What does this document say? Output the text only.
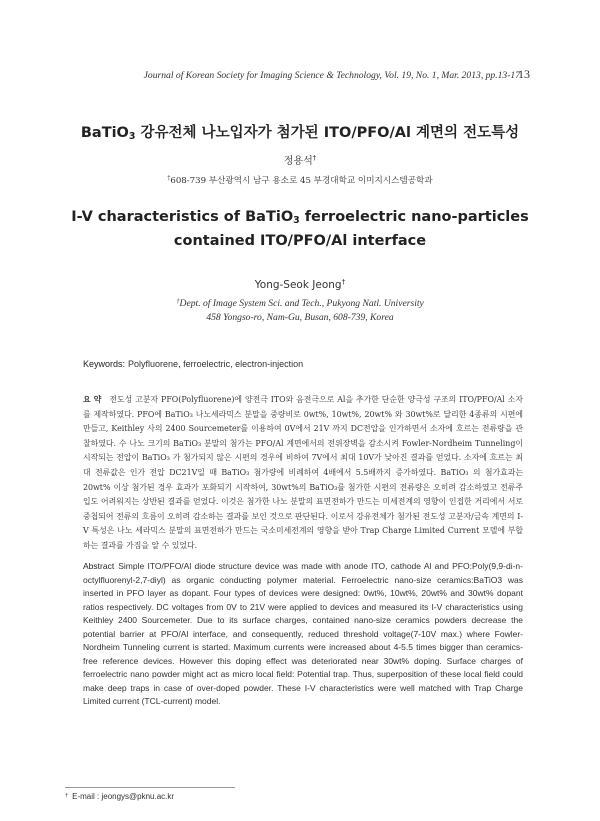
Journal of Korean Society for Imaging Science & Technology, Vol. 19, No. 1, Mar. 2013, pp.13-17
13
BaTiO$_3$ 강유전체 나노입자가 첨가된 ITO/PFO/Al 계면의 전도특성
정용석†
†608-739 부산광역시 남구 용소로 45 부경대학교 이미지시스템공학과
I-V characteristics of BaTiO$_3$ ferroelectric nano-particles
contained ITO/PFO/Al interface
Yong-Seok Jeong†
†Dept. of Image System Sci. and Tech., Pukyong Natl. University
458 Yongso-ro, Nam-Gu, Busan, 608-739, Korea
Keywords: Polyfluorene, ferroelectric, electron-injection
요 약 전도성 고분자 PFO(Polyfluorene)에 양전극 ITO와 음전극으로 Al을 추가한 단순한 양극성 구조의 ITO/PFO/Al 소자를 제작하였다. PFO에 BaTiO₃ 나노세라믹스 분말을 중량비로 0wt%, 10wt%, 20wt% 와 30wt%로 달리한 4종류의 시편에 만들고, Keithley 사의 2400 Sourcemeter를 이용하여 0V에서 21V 까지 DC전압을 인가하면서 소자에 흐르는 전류량을 관찰하였다. 수 나노 크기의 BaTiO₃ 분말의 첨가는 PFO/Al 계면에서의 전위장벽을 감소시켜 Fowler-Nordheim Tunneling이 시작되는 전압이 BaTiO₃ 가 첨가되지 않은 시편의 경우에 비하여 7V에서 최대 10V가 낮아진 결과를 얻었다. 소자에 흐르는 최대 전류값은 인가 전압 DC21V일 때 BaTiO₃ 첨가량에 비례하여 4배에서 5.5배까지 증가하였다. BaTiO₃ 의 첨가효과는 20wt% 이상 첨가된 경우 효과가 포화되기 시작하여, 30wt%의 BaTiO₃를 첨가한 시편의 전류량은 오히려 감소하였고 전류주입도 어려워지는 상반된 결과를 얻었다. 이것은 첨가한 나노 분말의 표면전하가 만드는 미세전계의 영향이 인접한 거리에서 서로 중첩되어 전류의 흐름이 오히려 감소하는 결과를 보인 것으로 판단된다. 이로서 강유전체가 첨가된 전도성 고분자/금속 계면의 I-V 특성은 나노 세라믹스 분말의 표면전하가 만드는 국소미세전계의 영향을 받아 Trap Charge Limited Current 모델에 부합하는 결과를 가짐을 알 수 있었다.
Abstract Simple ITO/PFO/Al diode structure device was made with anode ITO, cathode Al and PFO:Poly(9,9-di-n-octylfluorenyl-2,7-diyl) as organic conducting polymer material. Ferroelectric nano-size ceramics:BaTiO3 was inserted in PFO layer as dopant. Four types of devices were designed: 0wt%, 10wt%, 20wt% and 30wt% dopant ratios respectively. DC voltages from 0V to 21V were applied to devices and measured its I-V characteristics using Keithley 2400 Sourcemeter. Due to its surface charges, contained nano-size ceramics powders decrease the potential barrier at PFO/Al interface, and consequently, reduced threshold voltage(7-10V max.) where Fowler-Nordheim Tunneling current is started. Maximum currents were increased about 4-5.5 times bigger than ceramics-free reference devices. However this doping effect was deteriorated near 30wt% doping. Surface charges of ferroelectric nano powder might act as micro local field: Potential trap. Thus, superposition of these local field could make deep traps in case of over-doped powder. These I-V characteristics were well matched with Trap Charge Limited current (TCL-current) model.
† E-mail : jeongys@pknu.ac.kr
